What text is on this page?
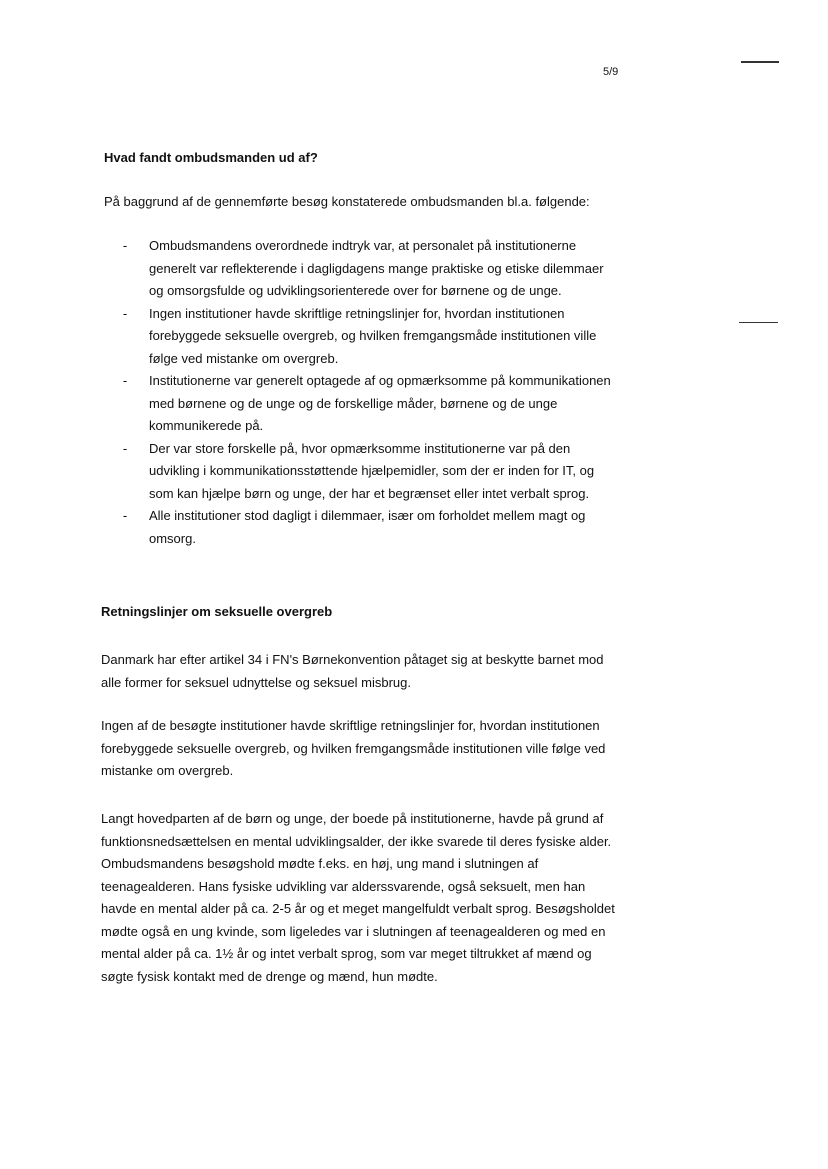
5/9
Hvad fandt ombudsmanden ud af?

På baggrund af de gennemførte besøg konstaterede ombudsmanden bl.a. følgende:

- Ombudsmandens overordnede indtryk var, at personalet på institutionerne generelt var reflekterende i dagligdagens mange praktiske og etiske dilemmaer og omsorgsfulde og udviklingsorienterede over for børnene og de unge.
- Ingen institutioner havde skriftlige retningslinjer for, hvordan institutionen forebyggede seksuelle overgreb, og hvilken fremgangsmåde institutionen ville følge ved mistanke om overgreb.
- Institutionerne var generelt optagede af og opmærksomme på kommunikationen med børnene og de unge og de forskellige måder, børnene og de unge kommunikerede på.
- Der var store forskelle på, hvor opmærksomme institutionerne var på den udvikling i kommunikationsstøttende hjælpemidler, som der er inden for IT, og som kan hjælpe børn og unge, der har et begrænset eller intet verbalt sprog.
- Alle institutioner stod dagligt i dilemmaer, især om forholdet mellem magt og omsorg.
Retningslinjer om seksuelle overgreb

Danmark har efter artikel 34 i FN's Børnekonvention påtaget sig at beskytte barnet mod alle former for seksuel udnyttelse og seksuel misbrug.

Ingen af de besøgte institutioner havde skriftlige retningslinjer for, hvordan institutionen forebyggede seksuelle overgreb, og hvilken fremgangsmåde institutionen ville følge ved mistanke om overgreb.

Langt hovedparten af de børn og unge, der boede på institutionerne, havde på grund af funktionsnedsættelsen en mental udviklingsalder, der ikke svarede til deres fysiske alder. Ombudsmandens besøgshold mødte f.eks. en høj, ung mand i slutningen af teenagealderen. Hans fysiske udvikling var alderssvarende, også seksuelt, men han havde en mental alder på ca. 2-5 år og et meget mangelfuldt verbalt sprog. Besøgsholdet mødte også en ung kvinde, som ligeledes var i slutningen af teenagealderen og med en mental alder på ca. 1½ år og intet verbalt sprog, som var meget tiltrukket af mænd og søgte fysisk kontakt med de drenge og mænd, hun mødte.
